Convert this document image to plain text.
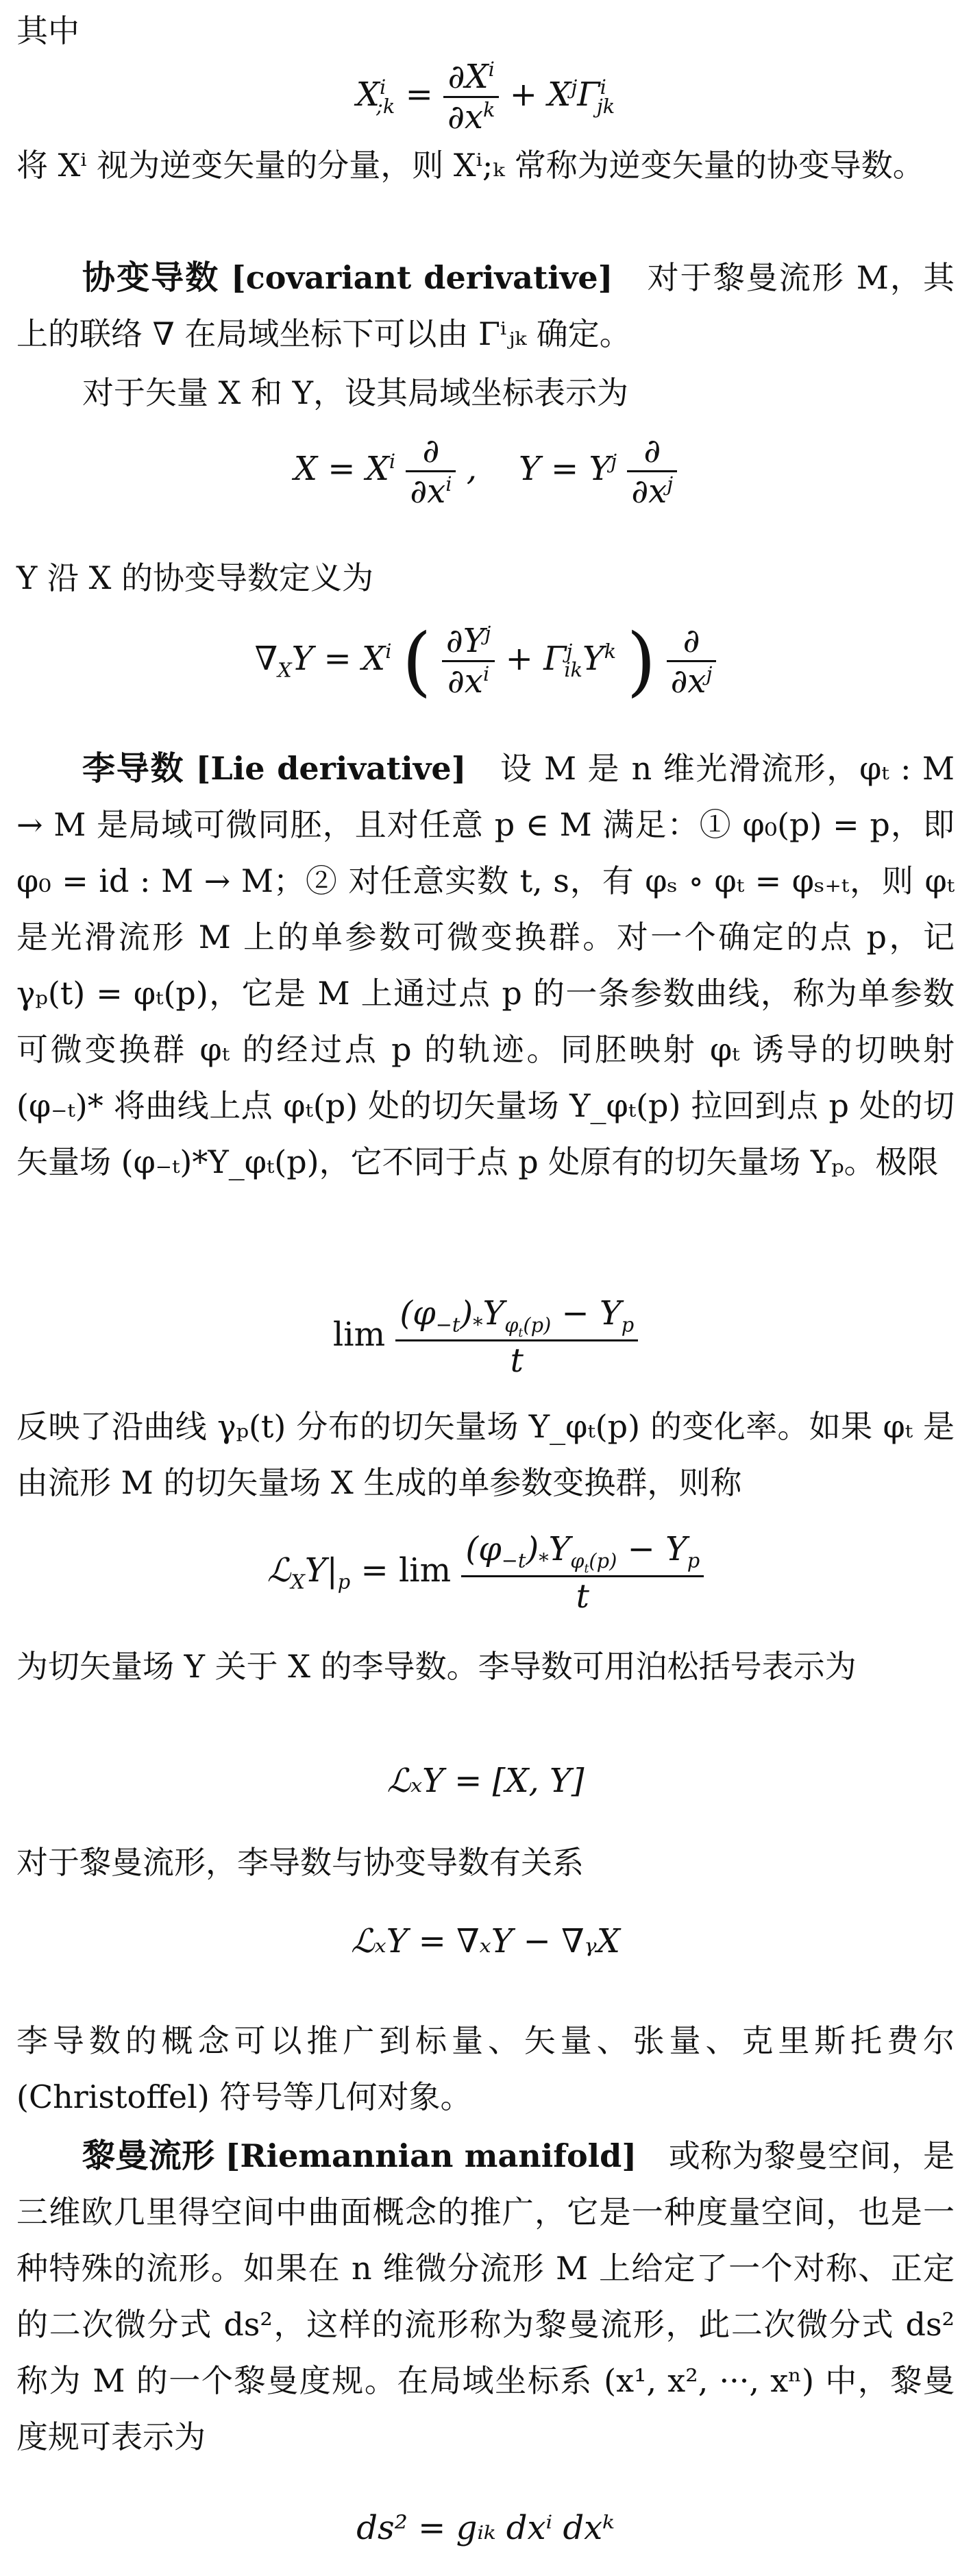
其中

$X^i_{;k} = \frac{\partial X^i}{\partial x^k} + X^j\Gamma^i_{jk}$

将 Xⁱ 视为逆变矢量的分量，则 Xⁱ;ₖ 常称为逆变矢量的协变导数。

协变导数 [covariant derivative]　 对于黎曼流形 M，其上的联络 ∇ 在局域坐标下可以由 Γⁱⱼₖ 确定。

对于矢量 X 和 Y，设其局域坐标表示为

$X = X^i \frac{\partial}{\partial x^i}$ ,    $Y = Y^j \frac{\partial}{\partial x^j}$

Y 沿 X 的协变导数定义为

$\nabla_XY = X^i$ ( $\frac{\partial Y^j}{\partial x^i} + \Gamma^j_{ik}Y^k$ ) $\frac{\partial}{\partial x^j}$

李导数 [Lie derivative]　 设 M 是 n 维光滑流形，φₜ : M → M 是局域可微同胚，且对任意 p ∈ M 满足：① φ₀(p) = p，即 φ₀ = id : M → M；② 对任意实数 t, s，有 φₛ ∘ φₜ = φₛ₊ₜ，则 φₜ 是光滑流形 M 上的单参数可微变换群。对一个确定的点 p，记 γₚ(t) = φₜ(p)，它是 M 上通过点 p 的一条参数曲线，称为单参数可微变换群 φₜ 的经过点 p 的轨迹。同胚映射 φₜ 诱导的切映射 (φ₋ₜ)* 将曲线上点 φₜ(p) 处的切矢量场 Y_φₜ(p) 拉回到点 p 处的切矢量场 (φ₋ₜ)*Y_φₜ(p)，它不同于点 p 处原有的切矢量场 Yₚ。极限

$\lim \frac{(\varphi_{-t})_*Y_{\varphi_t(p)} - Y_p}{t}$

反映了沿曲线 γₚ(t) 分布的切矢量场 Y_φₜ(p) 的变化率。如果 φₜ 是由流形 M 的切矢量场 X 生成的单参数变换群，则称

$ℒ_XY|_p = \lim \frac{(\varphi_{-t})_*Y_{\varphi_t(p)} - Y_p}{t}$

为切矢量场 Y 关于 X 的李导数。李导数可用泊松括号表示为

ℒₓY = [X, Y]

对于黎曼流形，李导数与协变导数有关系

ℒₓY = ∇ₓY − ∇ᵧX

李导数的概念可以推广到标量、矢量、张量、克里斯托费尔 (Christoffel) 符号等几何对象。

黎曼流形 [Riemannian manifold]　 或称为黎曼空间，是三维欧几里得空间中曲面概念的推广，它是一种度量空间，也是一种特殊的流形。如果在 n 维微分流形 M 上给定了一个对称、正定的二次微分式 ds²，这样的流形称为黎曼流形，此二次微分式 ds² 称为 M 的一个黎曼度规。在局域坐标系 (x¹, x², ···, xⁿ) 中，黎曼度规可表示为

ds² = gᵢₖ dxⁱ dxᵏ
